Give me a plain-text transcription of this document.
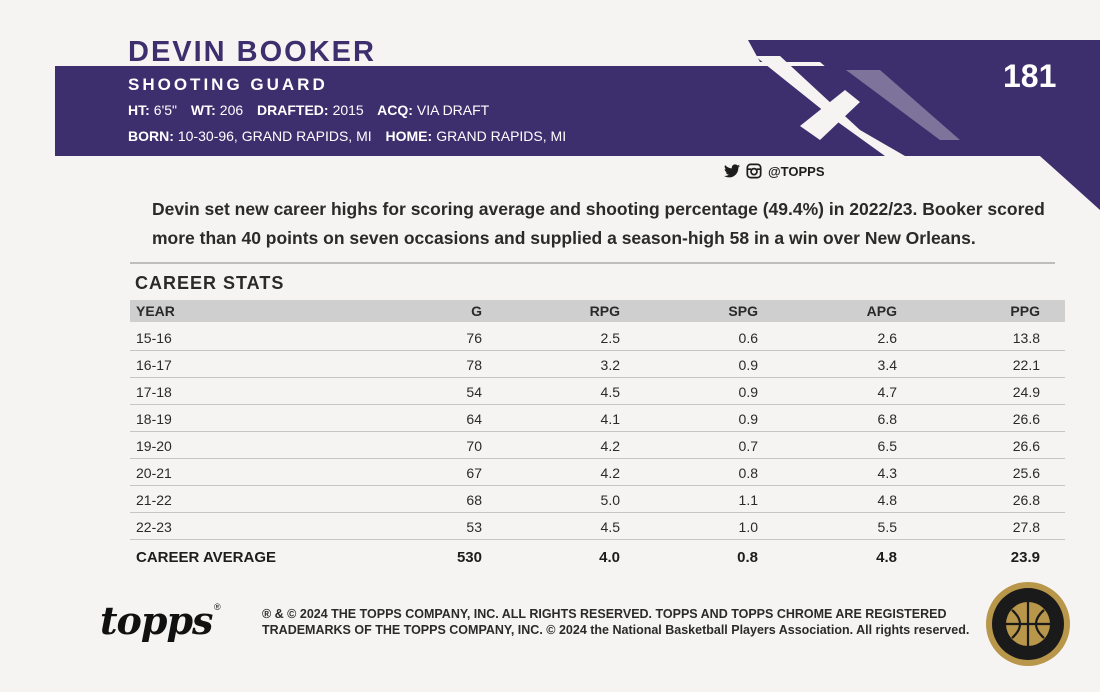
DEVIN BOOKER
SHOOTING GUARD
HT: 6'5" WT: 206 DRAFTED: 2015 ACQ: VIA DRAFT
BORN: 10-30-96, GRAND RAPIDS, MI HOME: GRAND RAPIDS, MI
181
@TOPPS
Devin set new career highs for scoring average and shooting percentage (49.4%) in 2022/23. Booker scored more than 40 points on seven occasions and supplied a season-high 58 in a win over New Orleans.
CAREER STATS
YEAR	G	RPG	SPG	APG	PPG
15-16	76	2.5	0.6	2.6	13.8
16-17	78	3.2	0.9	3.4	22.1
17-18	54	4.5	0.9	4.7	24.9
18-19	64	4.1	0.9	6.8	26.6
19-20	70	4.2	0.7	6.5	26.6
20-21	67	4.2	0.8	4.3	25.6
21-22	68	5.0	1.1	4.8	26.8
22-23	53	4.5	1.0	5.5	27.8
CAREER AVERAGE	530	4.0	0.8	4.8	23.9
topps ®	® & © 2024 THE TOPPS COMPANY, INC. ALL RIGHTS RESERVED. TOPPS AND TOPPS CHROME ARE REGISTERED
TRADEMARKS OF THE TOPPS COMPANY, INC. © 2024 the National Basketball Players Association. All rights reserved.
